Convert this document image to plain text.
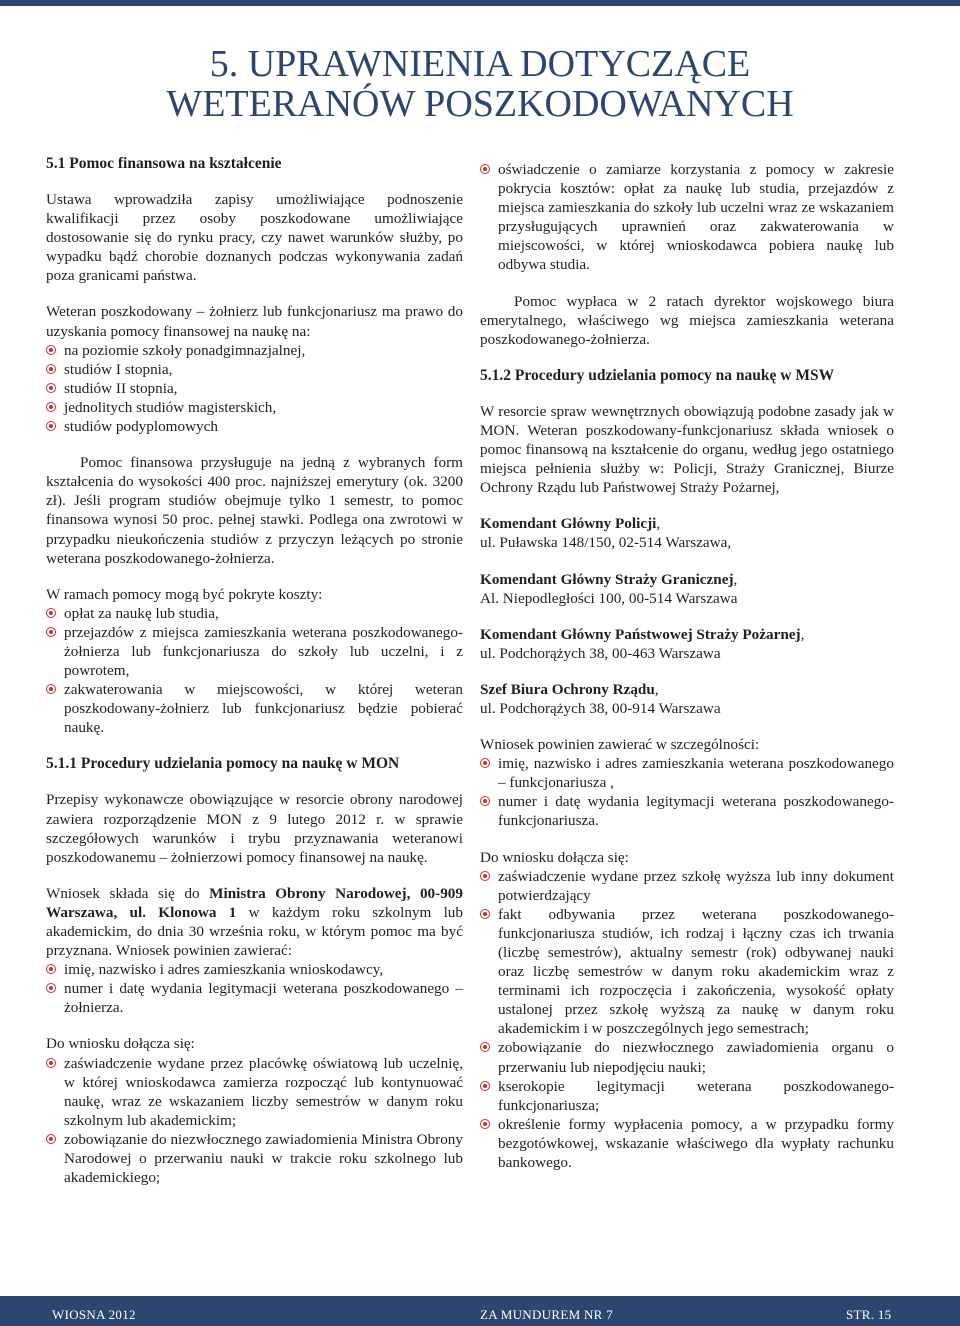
5. UPRAWNIENIA DOTYCZĄCE
WETERANÓW POSZKODOWANYCH
5.1 Pomoc finansowa na kształcenie

Ustawa wprowadziła zapisy umożliwiające podnoszenie kwalifikacji przez osoby poszkodowane umożliwiające dostosowanie się do rynku pracy, czy nawet warunków służby, po wypadku bądź chorobie doznanych podczas wykonywania zadań poza granicami państwa.

Weteran poszkodowany – żołnierz lub funkcjonariusz ma prawo do uzyskania pomocy finansowej na naukę na:

na poziomie szkoły ponadgimnazjalnej,
studiów I stopnia,
studiów II stopnia,
jednolitych studiów magisterskich,
studiów podyplomowych

Pomoc finansowa przysługuje na jedną z wybranych form kształcenia do wysokości 400 proc. najniższej emerytury (ok. 3200 zł). Jeśli program studiów obejmuje tylko 1 semestr, to pomoc finansowa wynosi 50 proc. pełnej stawki. Podlega ona zwrotowi w przypadku nieukończenia studiów z przyczyn leżących po stronie weterana poszkodowanego-żołnierza.

W ramach pomocy mogą być pokryte koszty:

opłat za naukę lub studia,
przejazdów z miejsca zamieszkania weterana poszkodowanego-żołnierza lub funkcjonariusza do szkoły lub uczelni, i z powrotem,
zakwaterowania w miejscowości, w której weteran poszkodowany-żołnierz lub funkcjonariusz będzie pobierać naukę.
5.1.1 Procedury udzielania pomocy na naukę w MON

Przepisy wykonawcze obowiązujące w resorcie obrony narodowej zawiera rozporządzenie MON z 9 lutego 2012 r. w sprawie szczegółowych warunków i trybu przyznawania weteranowi poszkodowanemu – żołnierzowi pomocy finansowej na naukę.

Wniosek składa się do Ministra Obrony Narodowej, 00-909 Warszawa, ul. Klonowa 1 w każdym roku szkolnym lub akademickim, do dnia 30 września roku, w którym pomoc ma być przyznana. Wniosek powinien zawierać:

imię, nazwisko i adres zamieszkania wnioskodawcy,
numer i datę wydania legitymacji weterana poszkodowanego – żołnierza.

Do wniosku dołącza się:

zaświadczenie wydane przez placówkę oświatową lub uczelnię, w której wnioskodawca zamierza rozpocząć lub kontynuować naukę, wraz ze wskazaniem liczby semestrów w danym roku szkolnym lub akademickim;
zobowiązanie do niezwłocznego zawiadomienia Ministra Obrony Narodowej o przerwaniu nauki w trakcie roku szkolnego lub akademickiego;
oświadczenie o zamiarze korzystania z pomocy w zakresie pokrycia kosztów: opłat za naukę lub studia, przejazdów z miejsca zamieszkania do szkoły lub uczelni wraz ze wskazaniem przysługujących uprawnień oraz zakwaterowania w miejscowości, w której wnioskodawca pobiera naukę lub odbywa studia.

Pomoc wypłaca w 2 ratach dyrektor wojskowego biura emerytalnego, właściwego wg miejsca zamieszkania weterana poszkodowanego-żołnierza.

5.1.2 Procedury udzielania pomocy na naukę w MSW

W resorcie spraw wewnętrznych obowiązują podobne zasady jak w MON. Weteran poszkodowany-funkcjonariusz składa wniosek o pomoc finansową na kształcenie do organu, według jego ostatniego miejsca pełnienia służby w: Policji, Straży Granicznej, Biurze Ochrony Rządu lub Państwowej Straży Pożarnej,

Komendant Główny Policji,
ul. Puławska 148/150, 02-514 Warszawa,
Komendant Główny Straży Granicznej,
Al. Niepodległości 100, 00-514 Warszawa
Komendant Główny Państwowej Straży Pożarnej,
ul. Podchorążych 38, 00-463 Warszawa
Szef Biura Ochrony Rządu,
ul. Podchorążych 38, 00-914 Warszawa

Wniosek powinien zawierać w szczególności:

imię, nazwisko i adres zamieszkania weterana poszkodowanego – funkcjonariusza ,
numer i datę wydania legitymacji weterana poszkodowanego-funkcjonariusza.

Do wniosku dołącza się:

zaświadczenie wydane przez szkołę wyższa lub inny dokument potwierdzający
fakt odbywania przez weterana poszkodowanego-funkcjonariusza studiów, ich rodzaj i łączny czas ich trwania (liczbę semestrów), aktualny semestr (rok) odbywanej nauki oraz liczbę semestrów w danym roku akademickim wraz z terminami ich rozpoczęcia i zakończenia, wysokość opłaty ustalonej przez szkołę wyższą za naukę w danym roku akademickim i w poszczególnych jego semestrach;
zobowiązanie do niezwłocznego zawiadomienia organu o przerwaniu lub niepodjęciu nauki;
kserokopie legitymacji weterana poszkodowanego-funkcjonariusza;
określenie formy wypłacenia pomocy, a w przypadku formy bezgotówkowej, wskazanie właściwego dla wypłaty rachunku bankowego.
WIOSNA 2012	ZA MUNDUREM NR 7	STR. 15
